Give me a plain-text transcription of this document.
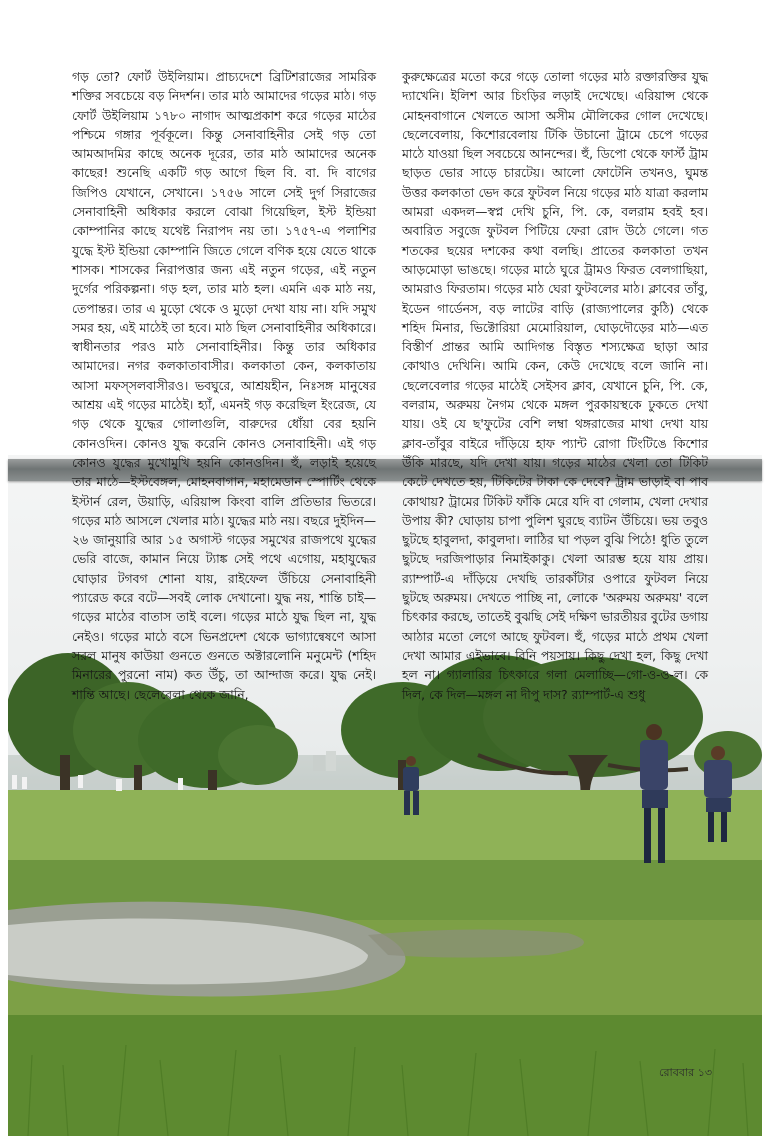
গড় তো? ফোর্ট উইলিয়াম। প্রাচ্যদেশে ব্রিটিশরাজের সামরিক শক্তির সবচেয়ে বড় নিদর্শন। তার মাঠ আমাদের গড়ের মাঠ। গড় ফোর্ট উইলিয়াম ১৭৮০ নাগাদ আত্মপ্রকাশ করে গড়ের মাঠের পশ্চিমে গঙ্গার পূর্বকূলে। কিন্তু সেনাবাহিনীর সেই গড় তো আমআদমির কাছে অনেক দূরের, তার মাঠ আমাদের অনেক কাছের! শুনেছি একটি গড় আগে ছিল বি. বা. দি বাগের জিপিও যেখানে, সেখানে। ১৭৫৬ সালে সেই দুর্গ সিরাজের সেনাবাহিনী অধিকার করলে বোঝা গিয়েছিল, ইস্ট ইন্ডিয়া কোম্পানির কাছে যথেষ্ট নিরাপদ নয় তা। ১৭৫৭-এ পলাশির যুদ্ধে ইস্ট ইন্ডিয়া কোম্পানি জিতে গেলে বণিক হয়ে যেতে থাকে শাসক। শাসকের নিরাপত্তার জন্য এই নতুন গড়ের, এই নতুন দুর্গের পরিকল্পনা। গড় হল, তার মাঠ হল। এমনি এক মাঠ নয়, তেপান্তর। তার এ মুড়ো থেকে ও মুড়ো দেখা যায় না। যদি সমুখ সমর হয়, এই মাঠেই তা হবে। মাঠ ছিল সেনাবাহিনীর অধিকারে। স্বাধীনতার পরও মাঠ সেনাবাহিনীর। কিন্তু তার অধিকার আমাদের। নগর কলকাতাবাসীর। কলকাতা কেন, কলকাতায় আসা মফস্‌সলবাসীরও। ভবঘুরে, আশ্রয়হীন, নিঃসঙ্গ মানুষের আশ্রয় এই গড়ের মাঠেই। হ্যাঁ, এমনই গড় করেছিল ইংরেজ, যে গড় থেকে যুদ্ধের গোলাগুলি, বারুদের ধোঁয়া বের হয়নি কোনওদিন। কোনও যুদ্ধ করেনি কোনও সেনাবাহিনী। এই গড় কোনও যুদ্ধের মুখোমুখি হয়নি কোনওদিন। হুঁ, লড়াই হয়েছে তার মাঠে—ইস্টবেঙ্গল, মোহনবাগান, মহামেডান স্পোর্টিং থেকে ইস্টার্ন রেল, উয়াড়ি, এরিয়ান্স কিংবা বালি প্রতিভার ভিতরে। গড়ের মাঠ আসলে খেলার মাঠ। যুদ্ধের মাঠ নয়। বছরে দুইদিন—২৬ জানুয়ারি আর ১৫ অগাস্ট গড়ের সমুখের রাজপথে যুদ্ধের ভেরি বাজে, কামান নিয়ে ট্যাঙ্ক সেই পথে এগোয়, মহাযুদ্ধের ঘোড়ার টগবগ শোনা যায়, রাইফেল উঁচিয়ে সেনাবাহিনী প্যারেড করে বটে—সবই লোক দেখানো। যুদ্ধ নয়, শান্তি চাই—গড়ের মাঠের বাতাস তাই বলে। গড়ের মাঠে যুদ্ধ ছিল না, যুদ্ধ নেইও। গড়ের মাঠে বসে ভিনপ্রদেশ থেকে ভাগ্যান্বেষণে আসা সরল মানুষ কাউয়া গুনতে গুনতে অক্টারলোনি মনুমেন্ট (শহিদ মিনারের পুরনো নাম) কত উঁচু, তা আন্দাজ করে। যুদ্ধ নেই। শান্তি আছে। ছেলেবেলা থেকে জানি,

কুরুক্ষেত্রের মতো করে গড়ে তোলা গড়ের মাঠ রক্তারক্তির যুদ্ধ দ্যাখেনি। ইলিশ আর চিংড়ির লড়াই দেখেছে। এরিয়ান্স থেকে মোহনবাগানে খেলতে আসা অসীম মৌলিকের গোল দেখেছে। ছেলেবেলায়, কিশোরবেলায় টিকি উচানো ট্রামে চেপে গড়ের মাঠে যাওয়া ছিল সবচেয়ে আনন্দের। হুঁ, ডিপো থেকে ফার্স্ট ট্রাম ছাড়ত ভোর সাড়ে চারটেয়। আলো ফোটেনি তখনও, ঘুমন্ত উত্তর কলকাতা ভেদ করে ফুটবল নিয়ে গড়ের মাঠ যাত্রা করলাম আমরা একদল—স্বপ্ন দেখি চুনি, পি. কে, বলরাম হবই হব। অবারিত সবুজে ফুটবল পিটিয়ে ফেরা রোদ উঠে গেলে। গত শতকের ছয়ের দশকের কথা বলছি। প্রাতের কলকাতা তখন আড়মোড়া ভাঙছে। গড়ের মাঠে ঘুরে ট্রামও ফিরত বেলগাছিয়া, আমরাও ফিরতাম। গড়ের মাঠ ঘেরা ফুটবলের মাঠ। ক্লাবের তাঁবু, ইডেন গার্ডেনস, বড় লাটের বাড়ি (রাজ্যপালের কুঠি) থেকে শহিদ মিনার, ভিক্টোরিয়া মেমোরিয়াল, ঘোড়দৌড়ের মাঠ—এত বিস্তীর্ণ প্রান্তর আমি আদিগন্ত বিস্তৃত শস্যক্ষেত্র ছাড়া আর কোথাও দেখিনি। আমি কেন, কেউ দেখেছে বলে জানি না। ছেলেবেলার গড়ের মাঠেই সেইসব ক্লাব, যেখানে চুনি, পি. কে, বলরাম, অরুময় নৈগম থেকে মঙ্গল পুরকায়স্থকে ঢুকতে দেখা যায়। ওই যে ছ'ফুটের বেশি লম্বা থঙ্গরাজের মাথা দেখা যায় ক্লাব-তাঁবুর বাইরে দাঁড়িয়ে হাফ প্যান্ট রোগা টিংটিঙে কিশোর উঁকি মারছে, যদি দেখা যায়। গড়ের মাঠের খেলা তো টিকিট কেটে দেখতে হয়, টিকিটের টাকা কে দেবে? ট্রাম ভাড়াই বা পাব কোথায়? ট্রামের টিকিট ফাঁকি মেরে যদি বা গেলাম, খেলা দেখার উপায় কী? ঘোড়ায় চাপা পুলিশ ঘুরছে ব্যাটন উঁচিয়ে। ভয় তবুও ছুটছে হাবুলদা, কাবুলদা। লাঠির ঘা পড়ল বুঝি পিঠে! ধুতি তুলে ছুটছে দরজিপাড়ার নিমাইকাকু। খেলা আরম্ভ হয়ে যায় প্রায়। র‍্যাম্পার্ট-এ দাঁড়িয়ে দেখছি তারকাঁটার ওপারে ফুটবল নিয়ে ছুটছে অরুময়। দেখতে পাচ্ছি না, লোকে 'অরুময় অরুময়' বলে চিৎকার করছে, তাতেই বুঝছি সেই দক্ষিণ ভারতীয়র বুটের ডগায় আঠার মতো লেগে আছে ফুটবল। হুঁ, গড়ের মাঠে প্রথম খেলা দেখা আমার এইভাবে। বিনি পয়সায়। কিছু দেখা হল, কিছু দেখা হল না। গ্যালারির চিৎকারে গলা মেলাচ্ছি—গো-ও-ও-ল। কে দিল, কে দিল—মঙ্গল না দীপু দাস? র‍্যাম্পার্ট-এ শুধু

রোববার ১৩
